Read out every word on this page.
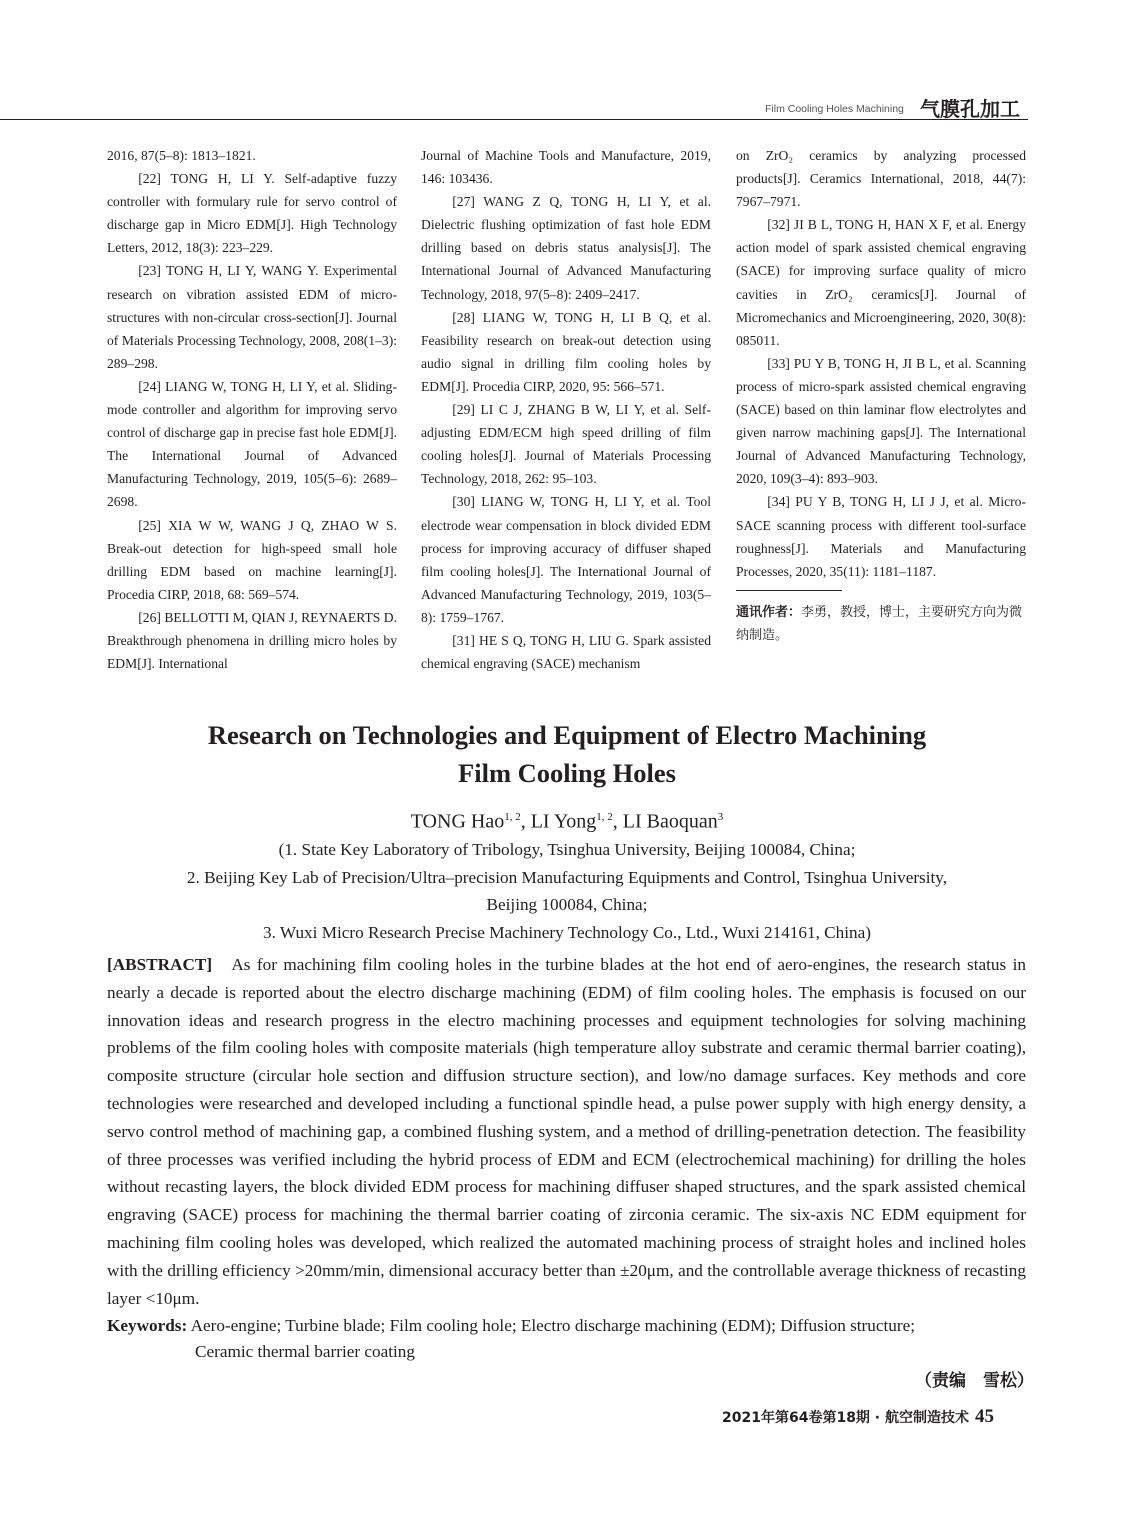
Film Cooling Holes Machining 气膜孔加工

2016, 87(5–8): 1813–1821.

[22] TONG H, LI Y. Self-adaptive fuzzy controller with formulary rule for servo control of discharge gap in Micro EDM[J]. High Technology Letters, 2012, 18(3): 223–229.

[23] TONG H, LI Y, WANG Y. Experimental research on vibration assisted EDM of micro-structures with non-circular cross-section[J]. Journal of Materials Processing Technology, 2008, 208(1–3): 289–298.

[24] LIANG W, TONG H, LI Y, et al. Sliding-mode controller and algorithm for improving servo control of discharge gap in precise fast hole EDM[J]. The International Journal of Advanced Manufacturing Technology, 2019, 105(5–6): 2689–2698.

[25] XIA W W, WANG J Q, ZHAO W S. Break-out detection for high-speed small hole drilling EDM based on machine learning[J]. Procedia CIRP, 2018, 68: 569–574.

[26] BELLOTTI M, QIAN J, REYNAERTS D. Breakthrough phenomena in drilling micro holes by EDM[J]. International

Journal of Machine Tools and Manufacture, 2019, 146: 103436.

[27] WANG Z Q, TONG H, LI Y, et al. Dielectric flushing optimization of fast hole EDM drilling based on debris status analysis[J]. The International Journal of Advanced Manufacturing Technology, 2018, 97(5–8): 2409–2417.

[28] LIANG W, TONG H, LI B Q, et al. Feasibility research on break-out detection using audio signal in drilling film cooling holes by EDM[J]. Procedia CIRP, 2020, 95: 566–571.

[29] LI C J, ZHANG B W, LI Y, et al. Self-adjusting EDM/ECM high speed drilling of film cooling holes[J]. Journal of Materials Processing Technology, 2018, 262: 95–103.

[30] LIANG W, TONG H, LI Y, et al. Tool electrode wear compensation in block divided EDM process for improving accuracy of diffuser shaped film cooling holes[J]. The International Journal of Advanced Manufacturing Technology, 2019, 103(5–8): 1759–1767.

[31] HE S Q, TONG H, LIU G. Spark assisted chemical engraving (SACE) mechanism

on ZrO₂ ceramics by analyzing processed products[J]. Ceramics International, 2018, 44(7): 7967–7971.

[32] JI B L, TONG H, HAN X F, et al. Energy action model of spark assisted chemical engraving (SACE) for improving surface quality of micro cavities in ZrO₂ ceramics[J]. Journal of Micromechanics and Microengineering, 2020, 30(8): 085011.

[33] PU Y B, TONG H, JI B L, et al. Scanning process of micro-spark assisted chemical engraving (SACE) based on thin laminar flow electrolytes and given narrow machining gaps[J]. The International Journal of Advanced Manufacturing Technology, 2020, 109(3–4): 893–903.

[34] PU Y B, TONG H, LI J J, et al. Micro-SACE scanning process with different tool-surface roughness[J]. Materials and Manufacturing Processes, 2020, 35(11): 1181–1187.

通讯作者：李勇，教授，博士，主要研究方向为微纳制造。
Research on Technologies and Equipment of Electro Machining
Film Cooling Holes
TONG Hao$^{1, 2}$, LI Yong$^{1, 2}$, LI Baoquan$^3$
(1. State Key Laboratory of Tribology, Tsinghua University, Beijing 100084, China;
2. Beijing Key Lab of Precision/Ultra–precision Manufacturing Equipments and Control, Tsinghua University,
Beijing 100084, China;
3. Wuxi Micro Research Precise Machinery Technology Co., Ltd., Wuxi 214161, China)
[ABSTRACT] As for machining film cooling holes in the turbine blades at the hot end of aero-engines, the research status in nearly a decade is reported about the electro discharge machining (EDM) of film cooling holes. The emphasis is focused on our innovation ideas and research progress in the electro machining processes and equipment technologies for solving machining problems of the film cooling holes with composite materials (high temperature alloy substrate and ceramic thermal barrier coating), composite structure (circular hole section and diffusion structure section), and low/no damage surfaces. Key methods and core technologies were researched and developed including a functional spindle head, a pulse power supply with high energy density, a servo control method of machining gap, a combined flushing system, and a method of drilling-penetration detection. The feasibility of three processes was verified including the hybrid process of EDM and ECM (electrochemical machining) for drilling the holes without recasting layers, the block divided EDM process for machining diffuser shaped structures, and the spark assisted chemical engraving (SACE) process for machining the thermal barrier coating of zirconia ceramic. The six-axis NC EDM equipment for machining film cooling holes was developed, which realized the automated machining process of straight holes and inclined holes with the drilling efficiency >20mm/min, dimensional accuracy better than ±20μm, and the controllable average thickness of recasting layer <10μm.
Keywords: Aero-engine; Turbine blade; Film cooling hole; Electro discharge machining (EDM); Diffusion structure;
Ceramic thermal barrier coating
（责编　雪松）
2021年第64卷第18期 · 航空制造技术 45
